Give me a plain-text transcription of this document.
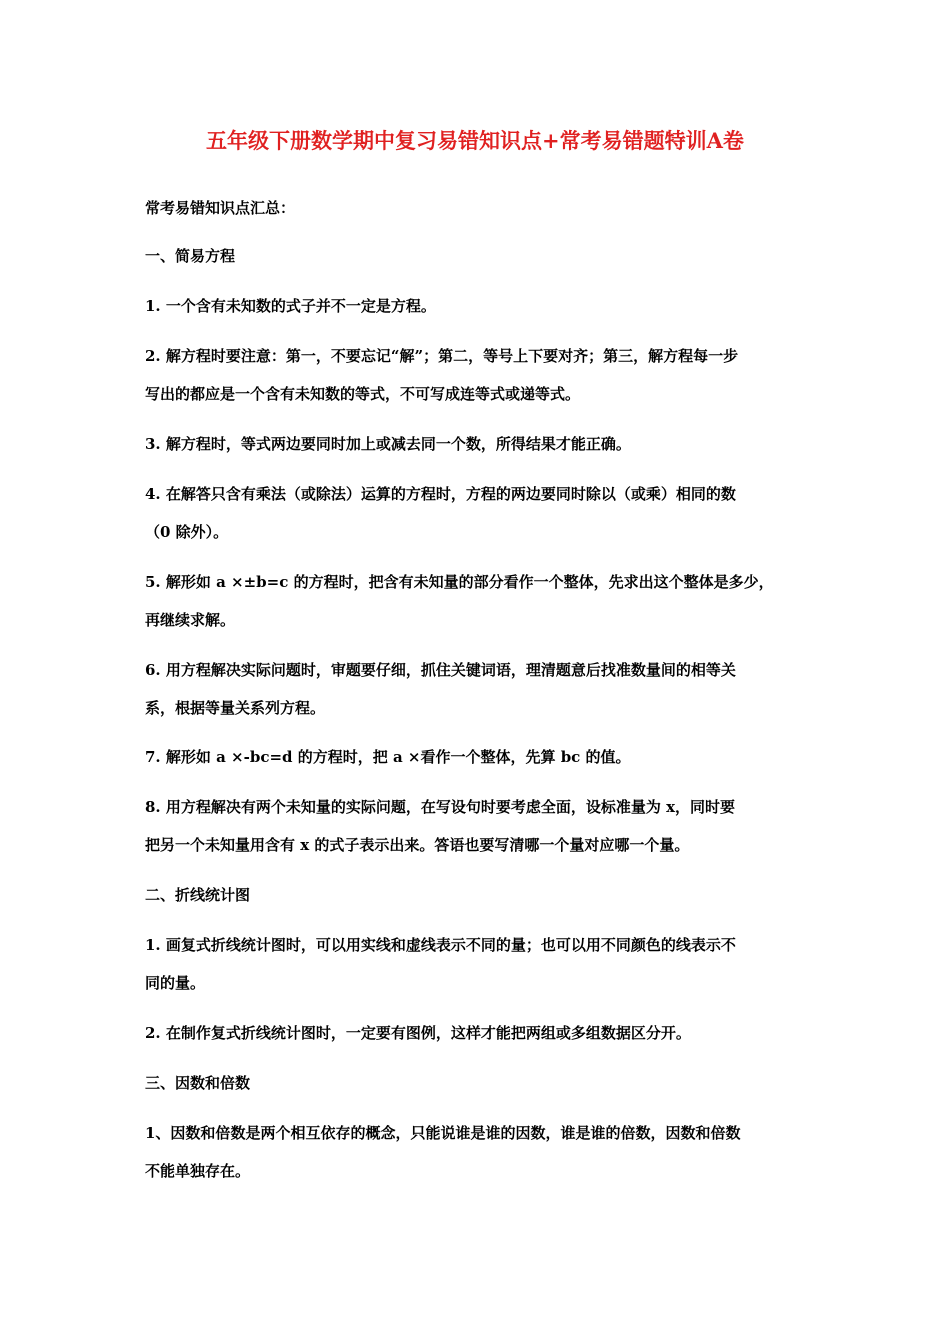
五年级下册数学期中复习易错知识点+常考易错题特训A卷
常考易错知识点汇总：
一、简易方程
1. 一个含有未知数的式子并不一定是方程。
2. 解方程时要注意：第一，不要忘记“解”；第二，等号上下要对齐；第三，解方程每一步
写出的都应是一个含有未知数的等式，不可写成连等式或递等式。
3. 解方程时，等式两边要同时加上或减去同一个数，所得结果才能正确。
4. 在解答只含有乘法（或除法）运算的方程时，方程的两边要同时除以（或乘）相同的数
（0 除外）。
5. 解形如 a ×±b=c 的方程时，把含有未知量的部分看作一个整体，先求出这个整体是多少，
再继续求解。
6. 用方程解决实际问题时，审题要仔细，抓住关键词语，理清题意后找准数量间的相等关
系，根据等量关系列方程。
7. 解形如 a ×-bc=d 的方程时，把 a ×看作一个整体，先算 bc 的值。
8. 用方程解决有两个未知量的实际问题，在写设句时要考虑全面，设标准量为 x，同时要
把另一个未知量用含有 x 的式子表示出来。答语也要写清哪一个量对应哪一个量。
二、折线统计图
1. 画复式折线统计图时，可以用实线和虚线表示不同的量；也可以用不同颜色的线表示不
同的量。
2. 在制作复式折线统计图时，一定要有图例，这样才能把两组或多组数据区分开。
三、因数和倍数
1、因数和倍数是两个相互依存的概念，只能说谁是谁的因数，谁是谁的倍数，因数和倍数
不能单独存在。
